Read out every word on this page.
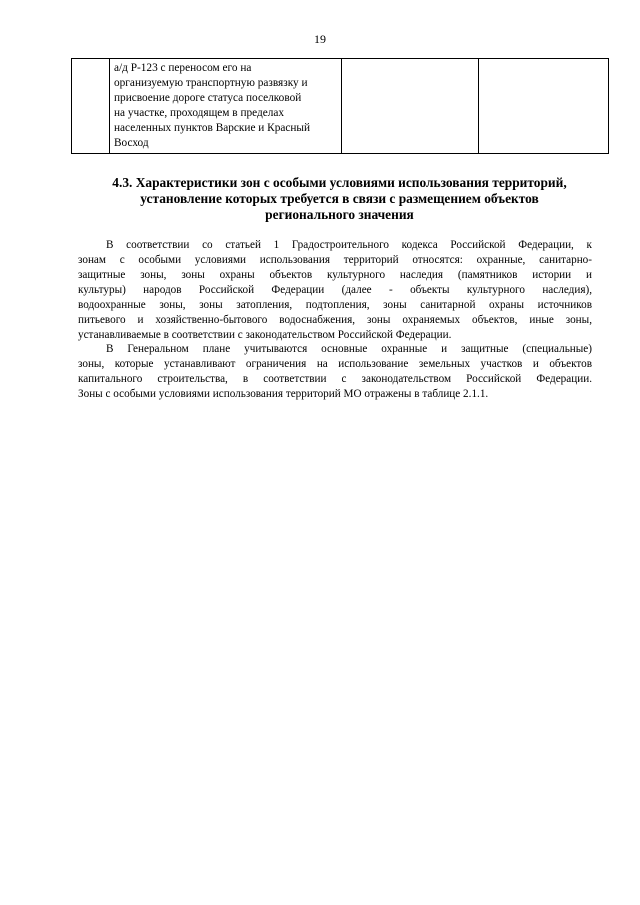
19

а/д Р-123 с переносом его на
организуемую транспортную развязку и
присвоение дороге статуса поселковой
на участке, проходящем в пределах
населенных пунктов Варские и Красный
Восход

4.3. Характеристики зон с особыми условиями использования территорий,
установление которых требуется в связи с размещением объектов
регионального значения
В соответствии со статьей 1 Градостроительного кодекса Российской Федерации, к
зонам с особыми условиями использования территорий относятся: охранные, санитарно-
защитные зоны, зоны охраны объектов культурного наследия (памятников истории и
культуры) народов Российской Федерации (далее - объекты культурного наследия),
водоохранные зоны, зоны затопления, подтопления, зоны санитарной охраны источников
питьевого и хозяйственно-бытового водоснабжения, зоны охраняемых объектов, иные зоны,
устанавливаемые в соответствии с законодательством Российской Федерации.
В Генеральном плане учитываются основные охранные и защитные (специальные)
зоны, которые устанавливают ограничения на использование земельных участков и объектов
капитального строительства, в соответствии с законодательством Российской Федерации.
Зоны с особыми условиями использования территорий МО отражены в таблице 2.1.1.
